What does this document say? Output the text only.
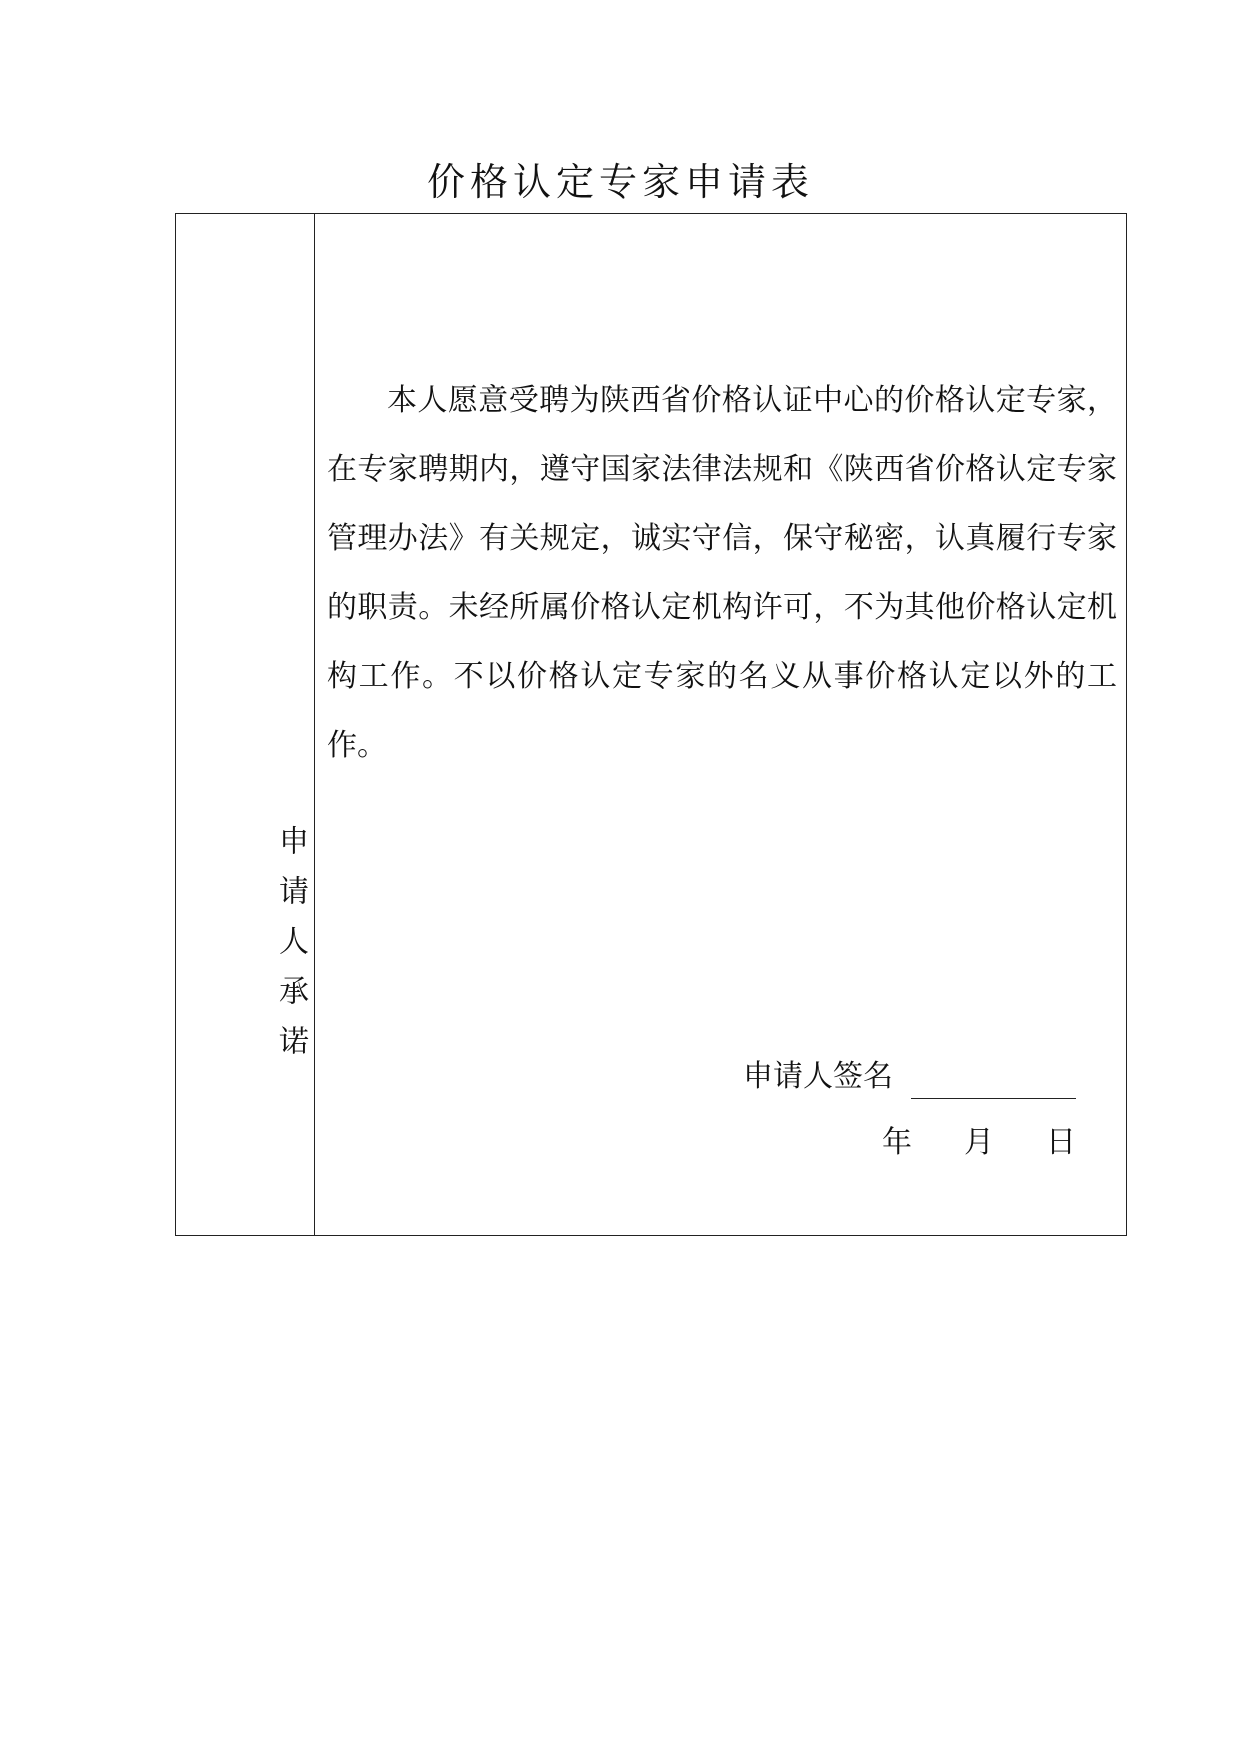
价格认定专家申请表
申请人承诺

本人愿意受聘为陕西省价格认证中心的价格认定专家，在专家聘期内，遵守国家法律法规和《陕西省价格认定专家管理办法》有关规定，诚实守信，保守秘密，认真履行专家的职责。未经所属价格认定机构许可，不为其他价格认定机构工作。不以价格认定专家的名义从事价格认定以外的工作。

申请人签名
年 月 日
